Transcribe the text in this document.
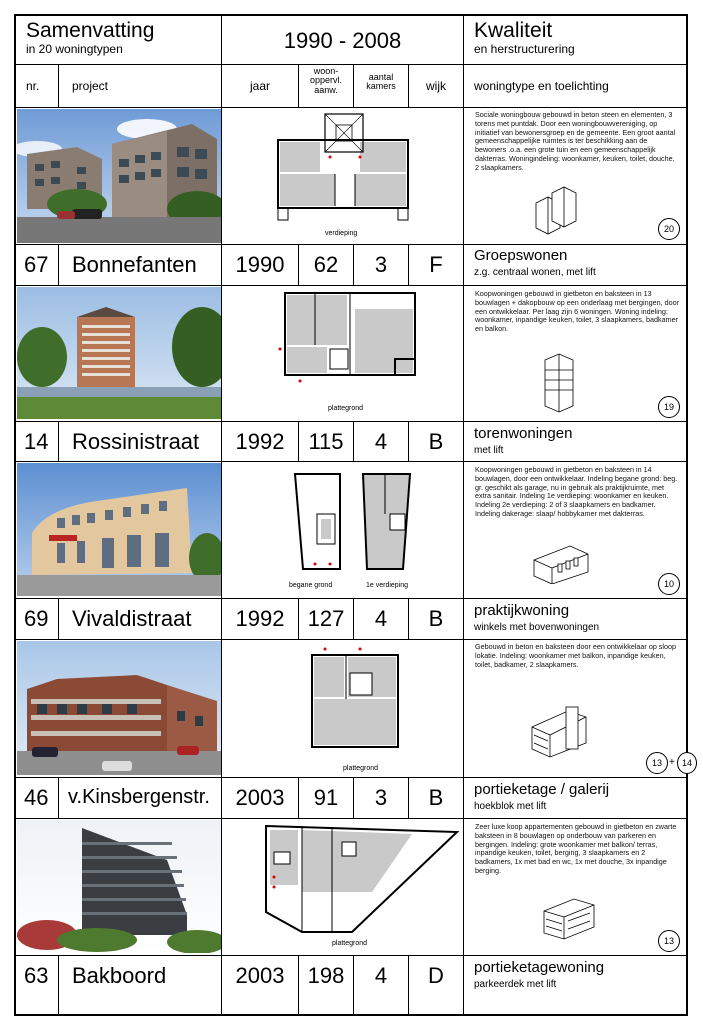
Samenvatting
in 20 woningtypen	1990 - 2008	Kwaliteit
en herstructurering
nr.	project	jaar
woon-oppervl. aanw.
aantal kamers	wijk	woningtype en toelichting
verdieping
Sociale woningbouw gebouwd in beton steen en elementen, 3 torens met puntdak. Door een woningbouwvereniging, op initiatief van bewonersgroep en de gemeente. Een groot aantal gemeenschappelijke ruimtes is ter beschikking aan de bewoners .o.a. een grote tuin en een gemeenschappelijk dakterras. Woningindeling: woonkamer, keuken, toilet, douche, 2 slaapkamers.
20
67 Bonnefanten	1990	62	3	F	Groepswonen
z.g. centraal wonen, met lift
plattegrond
Koopwoningen gebouwd in gietbeton en baksteen in 13 bouwlagen + dakopbouw op een onderlaag met bergingen, door een ontwikkelaar. Per laag zijn 6 woningen. Woning indeling: woonkamer, inpandige keuken, toilet, 3 slaapkamers, badkamer en balkon.
19
14 Rossinistraat	1992	115	4	B	torenwoningen
met lift
begane grond	1e verdieping
Koopwoningen gebouwd in gietbeton en baksteen in 14 bouwlagen, door een ontwikkelaar. Indeling begane grond: beg. gr. geschikt als garage, nu in gebruik als praktijkruimte, met extra sanitair. Indeling 1e verdieping: woonkamer en keuken. Indeling 2e verdieping: 2 of 3 slaapkamers en badkamer. Indeling dakerage: slaap/ hobbykamer met dakterras.
10
69 Vivaldistraat	1992	127	4	B	praktijkwoning
winkels met bovenwoningen
plattegrond
Gebouwd in beton en baksteen door een ontwikkelaar op sloop lokatie. Indeling: woonkamer met balkon, inpandige keuken, toilet, badkamer, 2 slaapkamers.
13 + 14
46 v.Kinsbergenstr.	2003	91	3	B	portieketage / galerij
hoekblok met lift
plattegrond
Zeer luxe koop appartementen gebouwd in gietbeton en zwarte baksteen in 8 bouwlagen op onderbouw van parkeren en bergingen. Indeling: grote woonkamer met balkon/ terras, inpandige keuken, toilet, berging, 3 slaapkamers en 2 badkamers, 1x met bad en wc, 1x met douche, 3x inpandige berging.
13
63 Bakboord	2003	198	4	D	portieketagewoning
parkeerdek met lift
